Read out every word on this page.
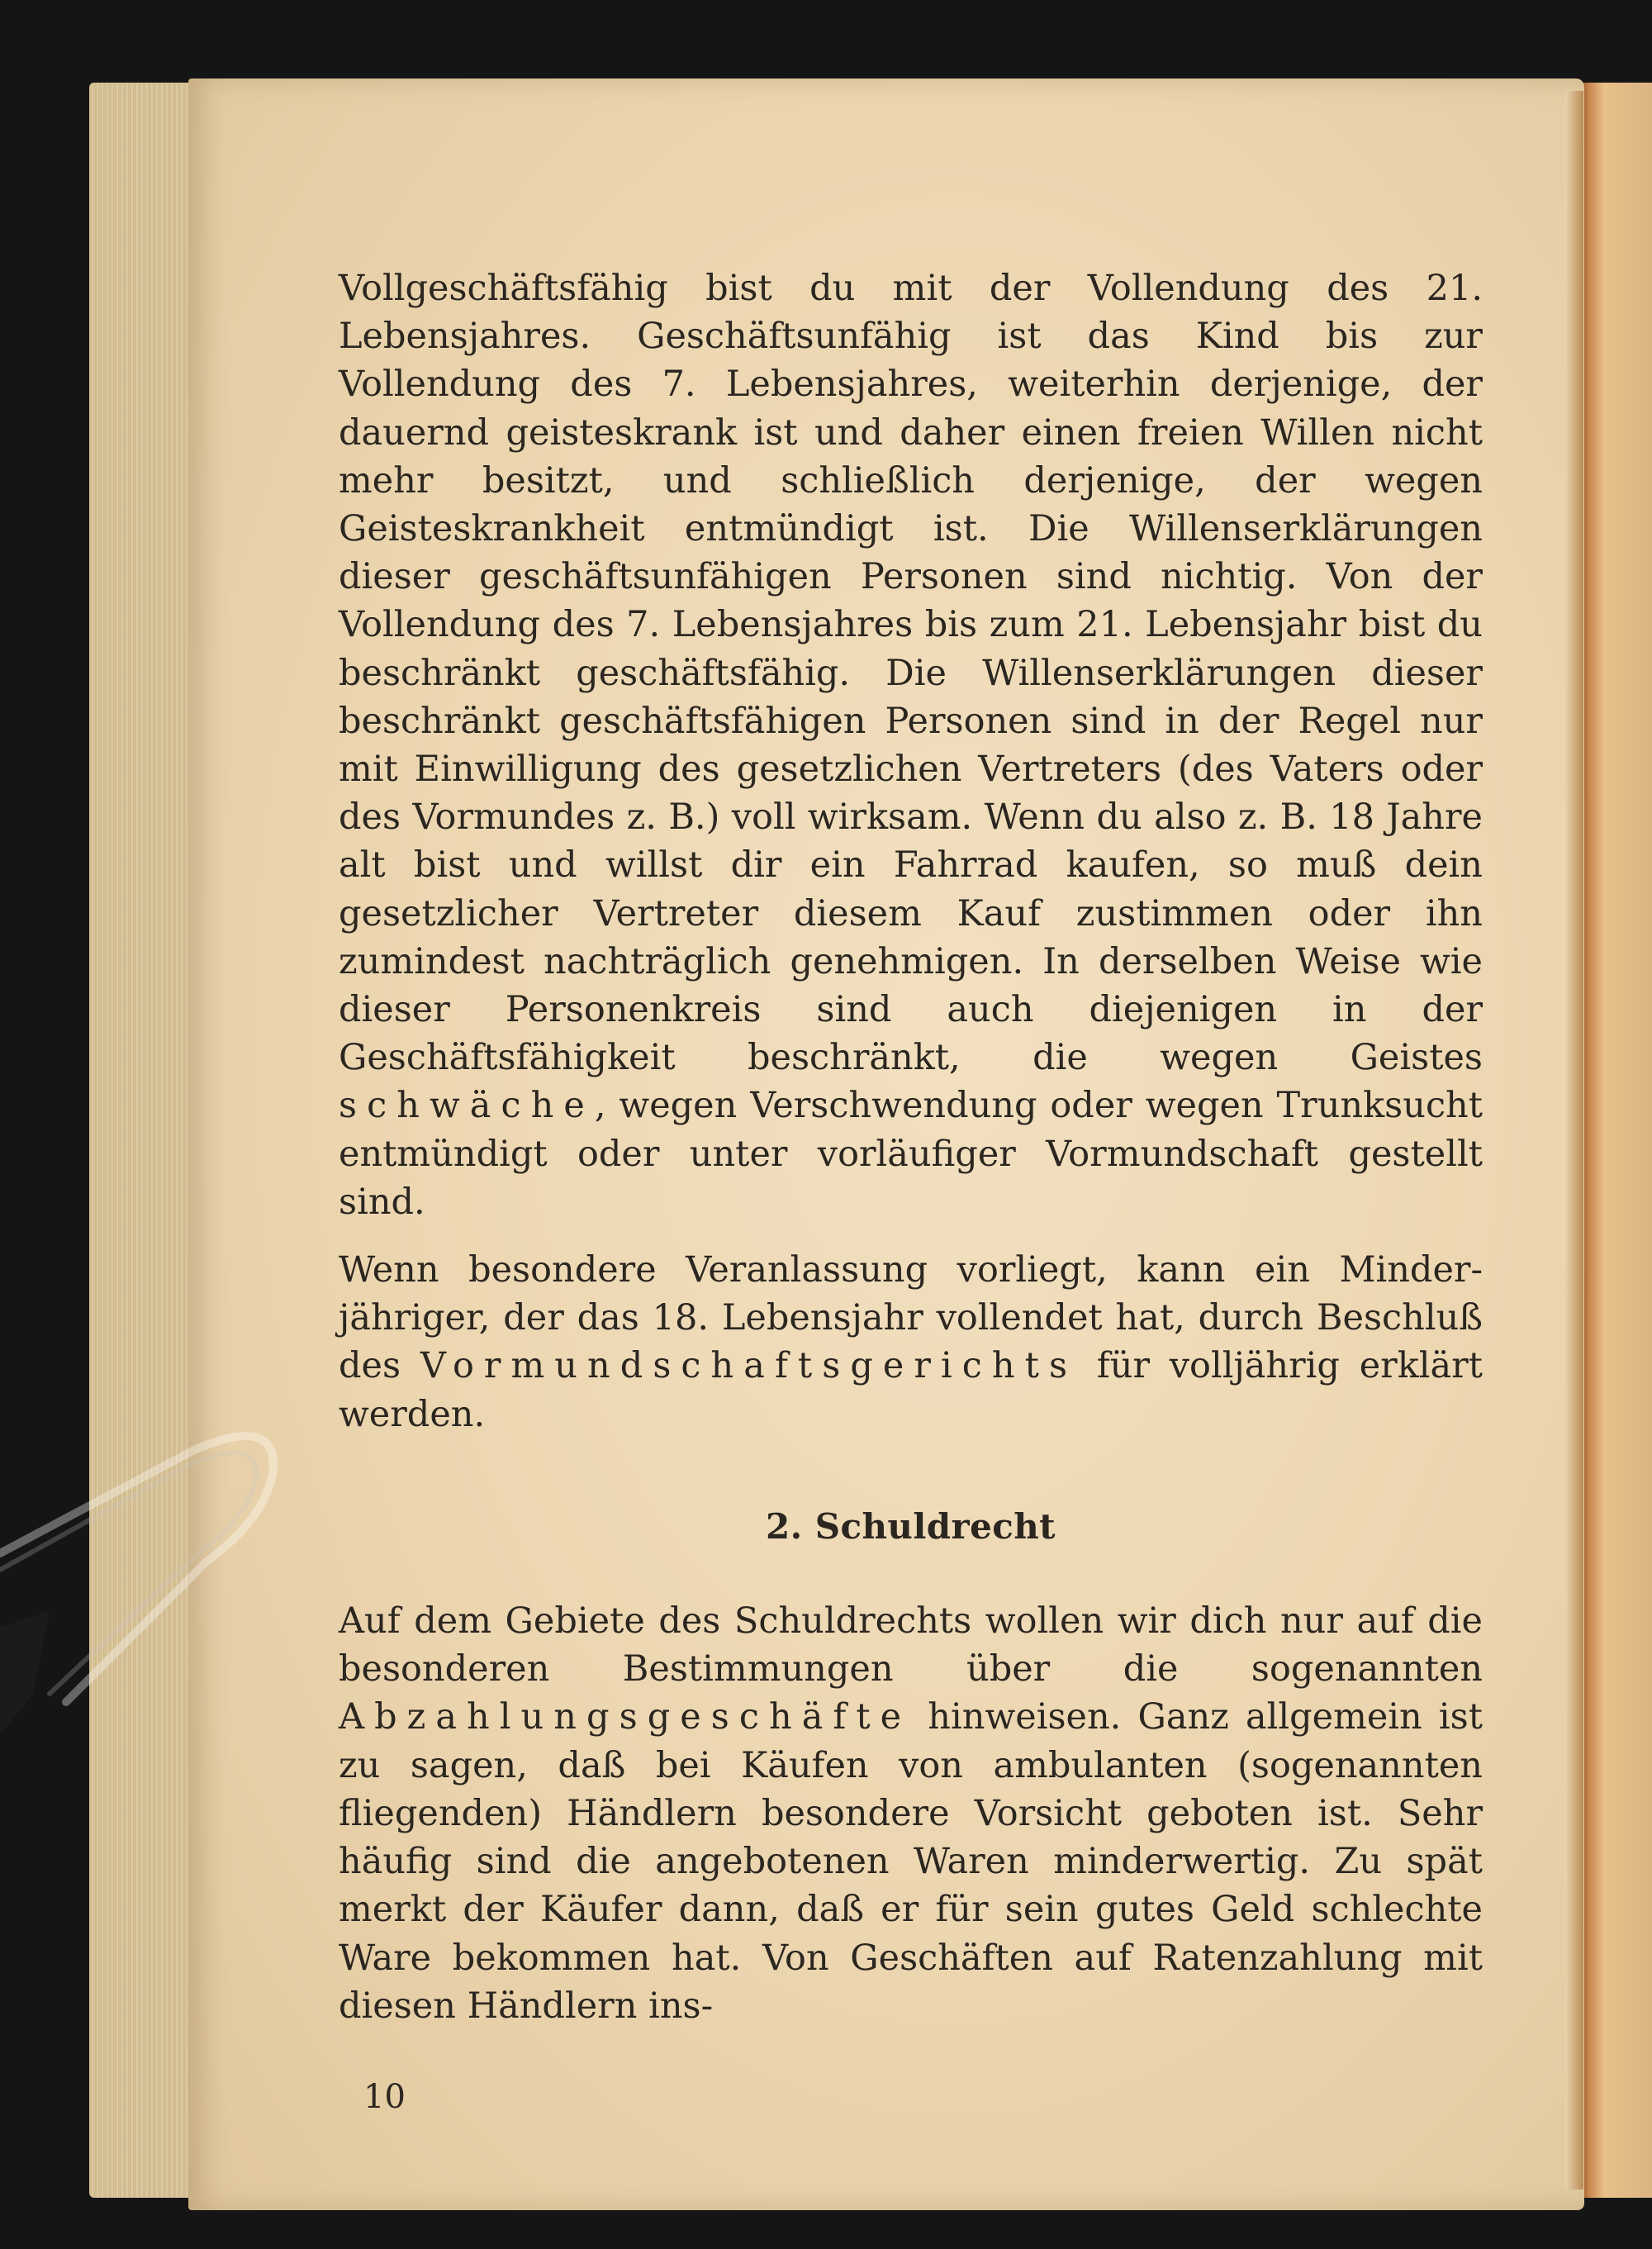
Vollgeschäftsfähig bist du mit der Vollendung des 21. Lebensjahres. Geschäftsunfähig ist das Kind bis zur Vollendung des 7. Lebensjahres, weiterhin derjenige, der dauernd geisteskrank ist und daher einen freien Willen nicht mehr besitzt, und schließlich derjenige, der wegen Geisteskrankheit entmündigt ist. Die Willenserklärungen dieser geschäftsunfähigen Personen sind nichtig. Von der Vollendung des 7. Lebensjahres bis zum 21. Lebensjahr bist du beschränkt geschäftsfähig. Die Willenserklärungen dieser beschränkt geschäftsfähigen Personen sind in der Regel nur mit Einwilligung des gesetzlichen Vertreters (des Vaters oder des Vormundes z. B.) voll wirksam. Wenn du also z. B. 18 Jahre alt bist und willst dir ein Fahrrad kaufen, so muß dein gesetzlicher Vertreter diesem Kauf zustimmen oder ihn zumindest nachträglich genehmigen. In derselben Weise wie dieser Personenkreis sind auch diejenigen in der Geschäftsfähigkeit beschränkt, die wegen Geistes schwäche, wegen Verschwendung oder wegen Trunksucht entmündigt oder unter vorläufiger Vormundschaft gestellt sind.

Wenn besondere Veranlassung vorliegt, kann ein Minderjähriger, der das 18. Lebensjahr vollendet hat, durch Beschluß des Vormundschaftsgerichts für volljährig erklärt werden.

2. Schuldrecht

Auf dem Gebiete des Schuldrechts wollen wir dich nur auf die besonderen Bestimmungen über die sogenannten Abzahlungsgeschäfte hinweisen. Ganz allgemein ist zu sagen, daß bei Käufen von ambulanten (sogenannten fliegenden) Händlern besondere Vorsicht geboten ist. Sehr häufig sind die angebotenen Waren minderwertig. Zu spät merkt der Käufer dann, daß er für sein gutes Geld schlechte Ware bekommen hat. Von Geschäften auf Ratenzahlung mit diesen Händlern ins-

10
